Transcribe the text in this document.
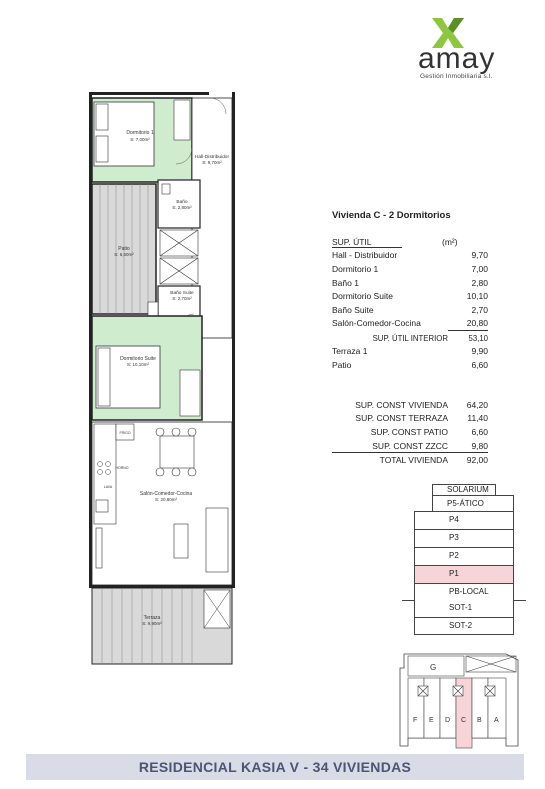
amay
Gestión Inmobiliaria s.l.
Dormitorio 1
S: 7,00m²
Hall-Distribuidor
S: 9,70m²
Patio
S: 6,60m²
Baño
S: 2,80m²
Baño Suite
S: 2,70m²
Dormitorio Suite
S: 10,10m²
FRIGO
HORNO
LAVA
Salón-Comedor-Cocina
S: 20,80m²
Terraza
S: 9,90m²
Vivienda C - 2 Dormitorios
SUP. ÚTIL	(m²)
Hall - Distribuidor	9,70
Dormitorio 1	7,00
Baño 1	2,80
Dormitorio Suite	10,10
Baño Suite	2,70
Salón-Comedor-Cocina	20,80
SUP. ÚTIL INTERIOR	53,10
Terraza 1	9,90
Patio	6,60
SUP. CONST VIVIENDA 64,20
SUP. CONST TERRAZA 11,40
SUP. CONST PATIO	6,60
SUP. CONST ZZCC	9,80
TOTAL VIVIENDA 92,00
SOLARIUM
P5-ÁTICO
P4
P3
P2
P1
PB-LOCAL
SOT-1
SOT-2
G
F E D C B A
RESIDENCIAL KASIA V - 34 VIVIENDAS
